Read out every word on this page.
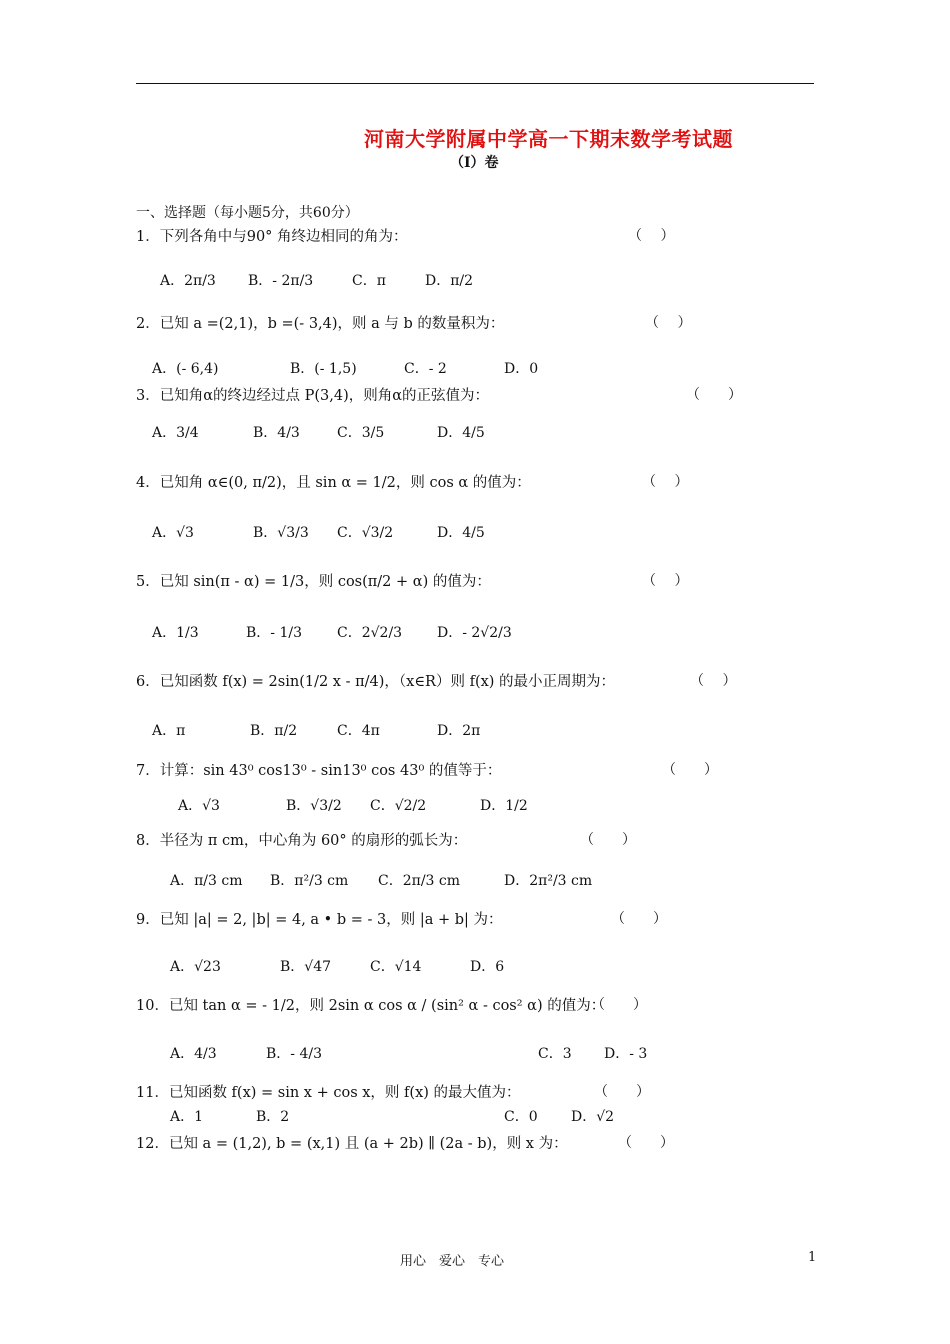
河南大学附属中学高一下期末数学考试题
（Ⅰ）卷
一、选择题（每小题5分，共60分）
1．下列各角中与90° 角终边相同的角为：	（　 ）
A．2π/3 B．- 2π/3	C．π	D．π/2
2．已知 a =(2,1)，b =(- 3,4)，则 a 与 b 的数量积为：	（　 ）
A．(- 6,4)	B．(- 1,5)	C．- 2	D．0
3．已知角α的终边经过点 P(3,4)，则角α的正弦值为：	（　　）
A．3/4	B．4/3	C．3/5	D．4/5
4．已知角 α∈(0, π/2)，且 sin α = 1/2，则 cos α 的值为：	（　 ）
A．√3	B．√3/3 C．√3/2	D．4/5
5．已知 sin(π - α) = 1/3，则 cos(π/2 + α) 的值为：	（　 ）
A．1/3	B．- 1/3	C．2√2/3 D．- 2√2/3
6．已知函数 f(x) = 2sin(1/2 x - π/4)，（x∈R）则 f(x) 的最小正周期为：	（　 ）
A．π	B．π/2	C．4π	D．2π
7．计算：sin 43⁰ cos13⁰ - sin13⁰ cos 43⁰ 的值等于：	（　　）
A．√3	B．√3/2 C．√2/2	D．1/2
8．半径为 π cm，中心角为 60° 的扇形的弧长为：	（　　）
A．π/3 cm B．π²/3 cm C．2π/3 cm	D．2π²/3 cm
9．已知 |a| = 2, |b| = 4, a • b = - 3，则 |a + b| 为：	（　　）
A．√23	B．√47	C．√14	D．6
10．已知 tan α = - 1/2，则 2sin α cos α / (sin² α - cos² α) 的值为：
（　　）
A．4/3	B．- 4/3	C．3 D．- 3
11．已知函数 f(x) = sin x + cos x，则 f(x) 的最大值为：	（　　）
A．1	B．2	C．0 D．√2
12．已知 a = (1,2), b = (x,1) 且 (a + 2b) ∥ (2a - b)，则 x 为：	（　　）
用心　爱心　专心	1
